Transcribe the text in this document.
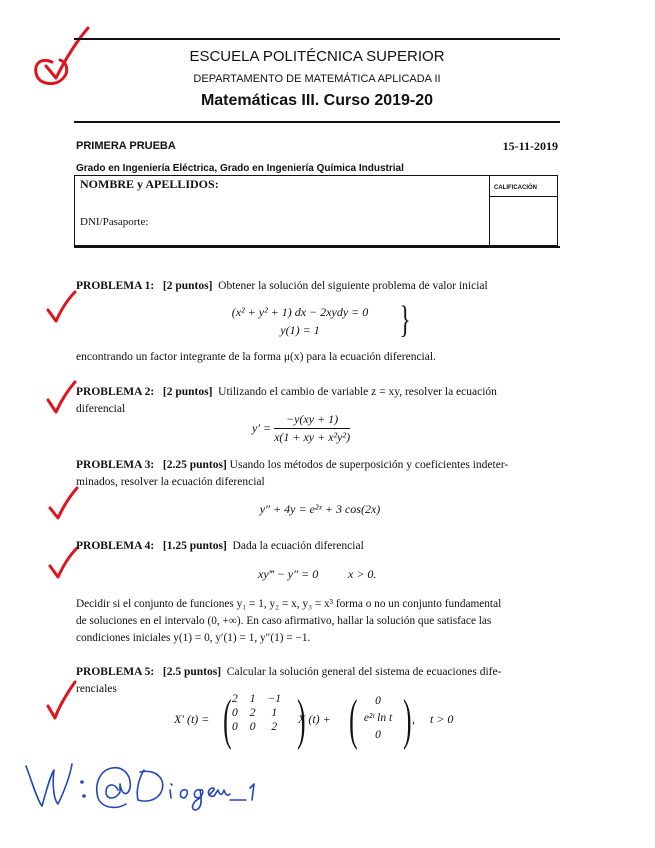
ESCUELA POLITÉCNICA SUPERIOR
DEPARTAMENTO DE MATEMÁTICA APLICADA II
Matemáticas III. Curso 2019-20
PRIMERA PRUEBA	15-11-2019
Grado en Ingeniería Eléctrica, Grado en Ingeniería Química Industrial
NOMBRE y APELLIDOS:	CALIFICACIÓN
DNI/Pasaporte:
PROBLEMA 1: [2 puntos] Obtener la solución del siguiente problema de valor inicial
(x² + y² + 1) dx − 2xydy = 0
y(1) = 1	}
encontrando un factor integrante de la forma μ(x) para la ecuación diferencial.
PROBLEMA 2: [2 puntos] Utilizando el cambio de variable z = xy, resolver la ecuación
diferencial
$y' = \frac{-y(xy + 1)}{\text{x(1 + xy + x²y²)}}$
PROBLEMA 3: [2.25 puntos] Usando los métodos de superposición y coeficientes indeter-
minados, resolver la ecuación diferencial
y″ + 4y = e²ˣ + 3 cos(2x)
PROBLEMA 4: [1.25 puntos] Dada la ecuación diferencial
xy‴ − y″ = 0 x > 0.
Decidir si el conjunto de funciones y₁ = 1, y₂ = x, y₃ = x³ forma o no un conjunto fundamental
de soluciones en el intervalo (0, +∞). En caso afirmativo, hallar la solución que satisface las
condiciones iniciales y(1) = 0, y′(1) = 1, y″(1) = −1.
PROBLEMA 5: [2.5 puntos] Calcular la solución general del sistema de ecuaciones dife-
renciales
X′ (t) = ( 2	1	−1
0	2	1
0	0	2 )
X (t) + (	0
e²ᵗ ln t
0 ) , t > 0
